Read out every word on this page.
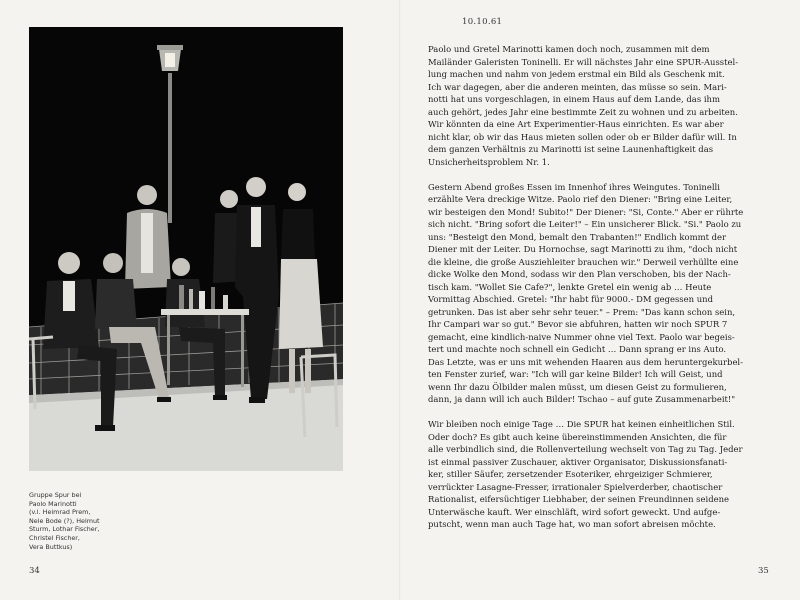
Gruppe Spur bei
Paolo Marinotti
(v.l. Heimrad Prem,
Nele Bode (?), Helmut
Sturm, Lothar Fischer,
Christel Fischer,
Vera Buttkus)

34
10.10.61

Paolo und Gretel Marinotti kamen doch noch, zusammen mit dem
Mailänder Galeristen Toninelli. Er will nächstes Jahr eine SPUR-Ausstel-
lung machen und nahm von jedem erstmal ein Bild als Geschenk mit.
Ich war dagegen, aber die anderen meinten, das müsse so sein. Mari-
notti hat uns vorgeschlagen, in einem Haus auf dem Lande, das ihm
auch gehört, jedes Jahr eine bestimmte Zeit zu wohnen und zu arbeiten.
Wir könnten da eine Art Experimentier-Haus einrichten. Es war aber
nicht klar, ob wir das Haus mieten sollen oder ob er Bilder dafür will. In
dem ganzen Verhältnis zu Marinotti ist seine Launenhaftigkeit das
Unsicherheitsproblem Nr. 1.

Gestern Abend großes Essen im Innenhof ihres Weingutes. Toninelli
erzählte Vera dreckige Witze. Paolo rief den Diener: "Bring eine Leiter,
wir besteigen den Mond! Subito!" Der Diener: "Si, Conte." Aber er rührte
sich nicht. "Bring sofort die Leiter!" – Ein unsicherer Blick. "Si." Paolo zu
uns: "Besteigt den Mond, bemalt den Trabanten!" Endlich kommt der
Diener mit der Leiter. Du Hornochse, sagt Marinotti zu ihm, "doch nicht
die kleine, die große Ausziehleiter brauchen wir." Derweil verhüllte eine
dicke Wolke den Mond, sodass wir den Plan verschoben, bis der Nach-
tisch kam. "Wollet Sie Cafe?", lenkte Gretel ein wenig ab … Heute
Vormittag Abschied. Gretel: "Ihr habt für 9000.- DM gegessen und
getrunken. Das ist aber sehr sehr teuer." – Prem: "Das kann schon sein,
Ihr Campari war so gut." Bevor sie abfuhren, hatten wir noch SPUR 7
gemacht, eine kindlich-naive Nummer ohne viel Text. Paolo war begeis-
tert und machte noch schnell ein Gedicht … Dann sprang er ins Auto.
Das Letzte, was er uns mit wehenden Haaren aus dem heruntergekurbel-
ten Fenster zurief, war: "Ich will gar keine Bilder! Ich will Geist, und
wenn Ihr dazu Ölbilder malen müsst, um diesen Geist zu formulieren,
dann, ja dann will ich auch Bilder! Tschao – auf gute Zusammenarbeit!"

Wir bleiben noch einige Tage … Die SPUR hat keinen einheitlichen Stil.
Oder doch? Es gibt auch keine übereinstimmenden Ansichten, die für
alle verbindlich sind, die Rollenverteilung wechselt von Tag zu Tag. Jeder
ist einmal passiver Zuschauer, aktiver Organisator, Diskussionsfanati-
ker, stiller Säufer, zersetzender Esoteriker, ehrgeiziger Schmierer,
verrückter Lasagne-Fresser, irrationaler Spielverderber, chaotischer
Rationalist, eifersüchtiger Liebhaber, der seinen Freundinnen seidene
Unterwäsche kauft. Wer einschläft, wird sofort geweckt. Und aufge-
putscht, wenn man auch Tage hat, wo man sofort abreisen möchte.

35
